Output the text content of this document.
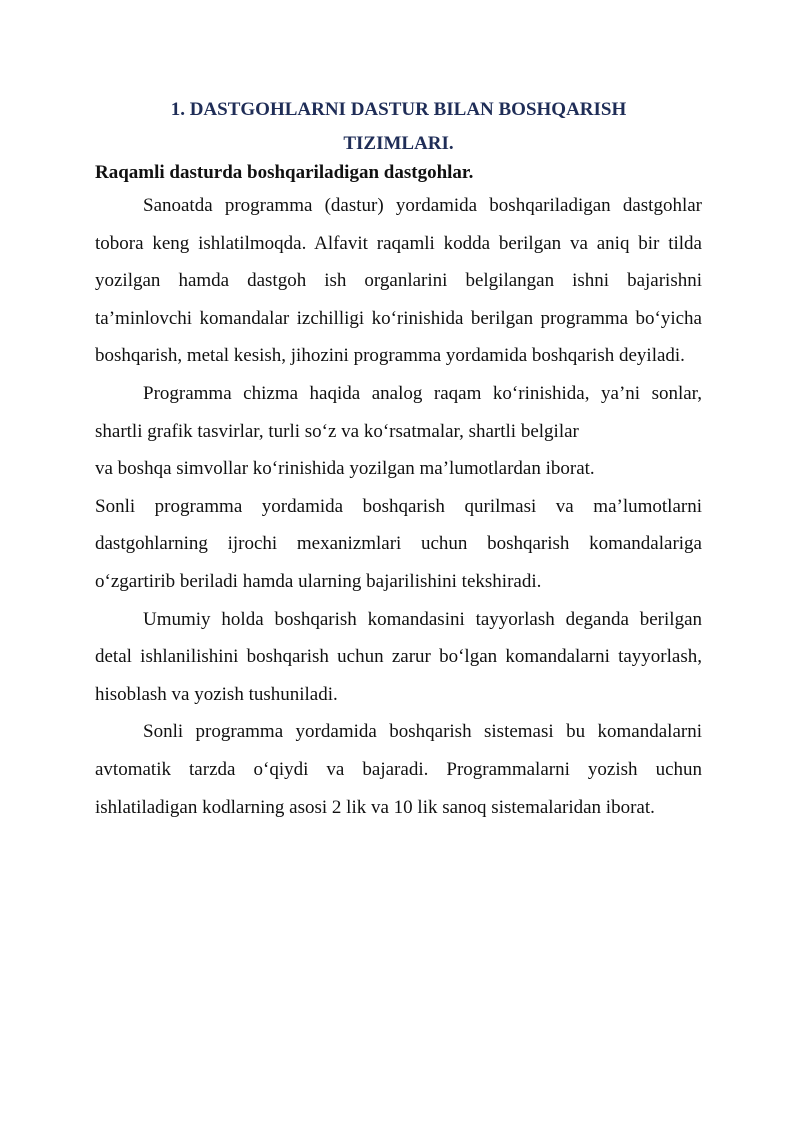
1. DASTGOHLARNI DASTUR BILAN BOSHQARISH

TIZIMLARI.

Raqamli dasturda boshqariladigan dastgohlar.

Sanoatda programma (dastur) yordamida boshqariladigan dastgohlar tobora keng ishlatilmoqda. Alfavit raqamli kodda berilgan va aniq bir tilda yozilgan hamda dastgoh ish organlarini belgilangan ishni bajarishni ta’minlovchi komandalar izchilligi ko‘rinishida berilgan programma bo‘yicha boshqarish, metal kesish, jihozini programma yordamida boshqarish deyiladi.

Programma chizma haqida analog raqam ko‘rinishida, ya’ni sonlar, shartli grafik tasvirlar, turli so‘z va ko‘rsatmalar, shartli belgilar

va boshqa simvollar ko‘rinishida yozilgan ma’lumotlardan iborat.

Sonli programma yordamida boshqarish qurilmasi va ma’lumotlarni dastgohlarning ijrochi mexanizmlari uchun boshqarish komandalariga o‘zgartirib beriladi hamda ularning bajarilishini tekshiradi.

Umumiy holda boshqarish komandasini tayyorlash deganda berilgan detal ishlanilishini boshqarish uchun zarur bo‘lgan komandalarni tayyorlash, hisoblash va yozish tushuniladi.

Sonli programma yordamida boshqarish sistemasi bu komandalarni avtomatik tarzda o‘qiydi va bajaradi. Programmalarni yozish uchun ishlatiladigan kodlarning asosi 2 lik va 10 lik sanoq sistemalaridan iborat.
